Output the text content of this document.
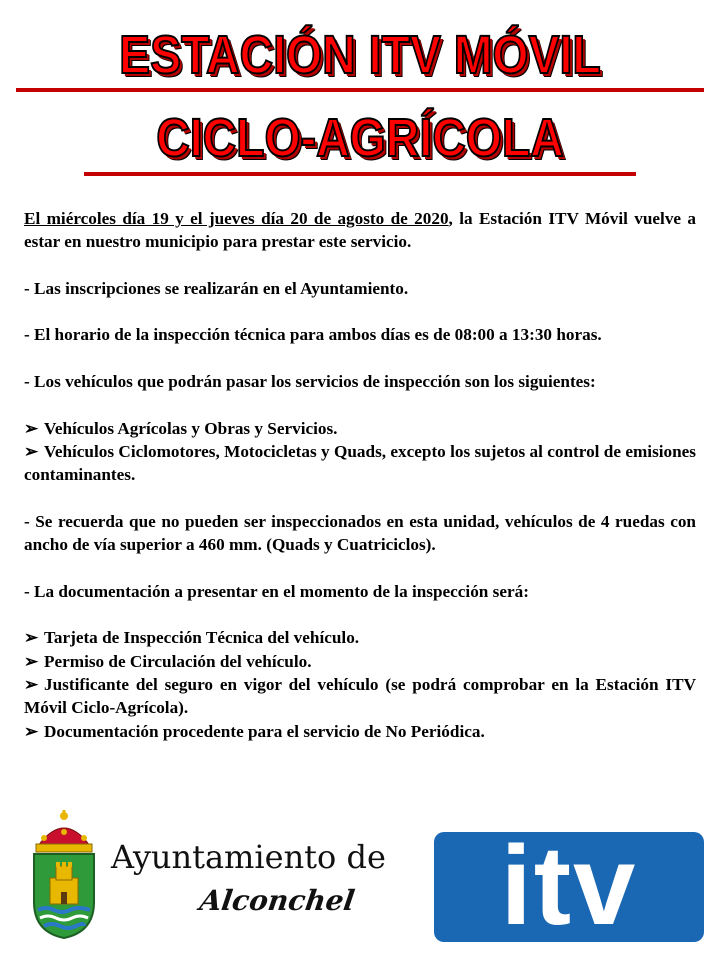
ESTACIÓN ITV MÓVIL
CICLO-AGRÍCOLA

El miércoles día 19 y el jueves día 20 de agosto de 2020, la Estación ITV Móvil vuelve a estar en nuestro municipio para prestar este servicio.

- Las inscripciones se realizarán en el Ayuntamiento.

- El horario de la inspección técnica para ambos días es de 08:00 a 13:30 horas.

- Los vehículos que podrán pasar los servicios de inspección son los siguientes:

➢ Vehículos Agrícolas y Obras y Servicios.

➢ Vehículos Ciclomotores, Motocicletas y Quads, excepto los sujetos al control de emisiones contaminantes.

- Se recuerda que no pueden ser inspeccionados en esta unidad, vehículos de 4 ruedas con ancho de vía superior a 460 mm. (Quads y Cuatriciclos).

- La documentación a presentar en el momento de la inspección será:

➢ Tarjeta de Inspección Técnica del vehículo.

➢ Permiso de Circulación del vehículo.

➢ Justificante del seguro en vigor del vehículo (se podrá comprobar en la Estación ITV Móvil Ciclo-Agrícola).

➢ Documentación procedente para el servicio de No Periódica.

Ayuntamiento de
Alconchel	itv
